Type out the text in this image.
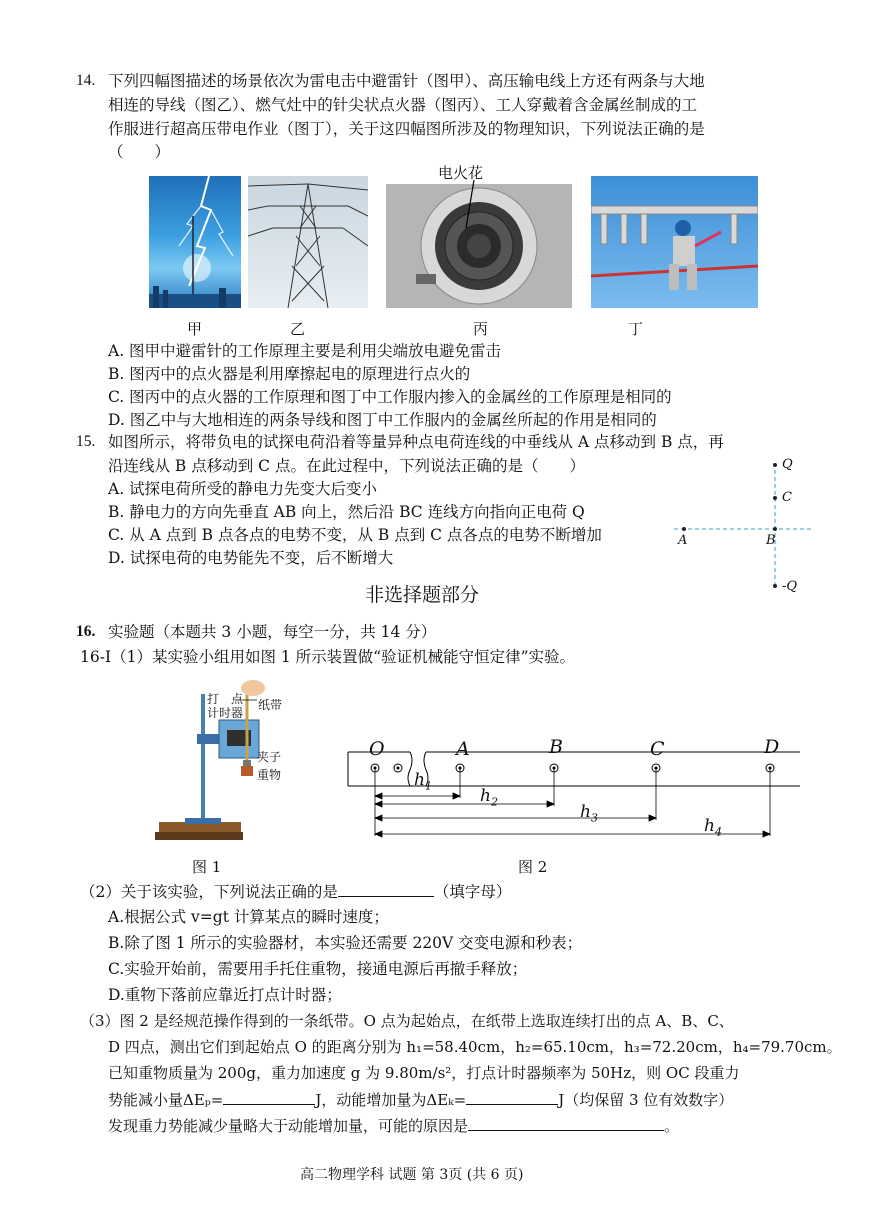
14. 下列四幅图描述的场景依次为雷电击中避雷针（图甲）、高压输电线上方还有两条与大地
相连的导线（图乙）、燃气灶中的针尖状点火器（图丙）、工人穿戴着含金属丝制成的工
作服进行超高压带电作业（图丁），关于这四幅图所涉及的物理知识，下列说法正确的是
（　　）
电火花
甲	乙	丙	丁
A. 图甲中避雷针的工作原理主要是利用尖端放电避免雷击
B. 图丙中的点火器是利用摩擦起电的原理进行点火的
C. 图丙中的点火器的工作原理和图丁中工作服内掺入的金属丝的工作原理是相同的
D. 图乙中与大地相连的两条导线和图丁中工作服内的金属丝所起的作用是相同的
15. 如图所示，将带负电的试探电荷沿着等量异种点电荷连线的中垂线从 A 点移动到 B 点，再
沿连线从 B 点移动到 C 点。在此过程中，下列说法正确的是（　　）
A. 试探电荷所受的静电力先变大后变小
B. 静电力的方向先垂直 AB 向上，然后沿 BC 连线方向指向正电荷 Q
C. 从 A 点到 B 点各点的电势不变，从 B 点到 C 点各点的电势不断增加
D. 试探电荷的电势能先不变，后不断增大
Q
C
A	B
-Q
非选择题部分
16. 实验题（本题共 3 小题，每空一分，共 14 分）
16-I（1）某实验小组用如图 1 所示装置做“验证机械能守恒定律”实验。
打　点
计时器
纸带
夹子
重物
图 1
O	A	B	C	D
$h_1$
$h_2$
$h_3$	$h_4$
图 2
（2）关于该实验，下列说法正确的是	（填字母）
A.根据公式 v=gt 计算某点的瞬时速度；
B.除了图 1 所示的实验器材，本实验还需要 220V 交变电源和秒表；
C.实验开始前，需要用手托住重物，接通电源后再撤手释放；
D.重物下落前应靠近打点计时器；
（3）图 2 是经规范操作得到的一条纸带。O 点为起始点，在纸带上选取连续打出的点 A、B、C、
D 四点，测出它们到起始点 O 的距离分别为 h₁=58.40cm，h₂=65.10cm，h₃=72.20cm，h₄=79.70cm。
已知重物质量为 200g，重力加速度 g 为 9.80m/s²，打点计时器频率为 50Hz，则 OC 段重力
势能减小量ΔEₚ=	J，动能增加量为ΔEₖ=	J（均保留 3 位有效数字）
发现重力势能减少量略大于动能增加量，可能的原因是	。
高二物理学科 试题 第 3页 (共 6 页)
